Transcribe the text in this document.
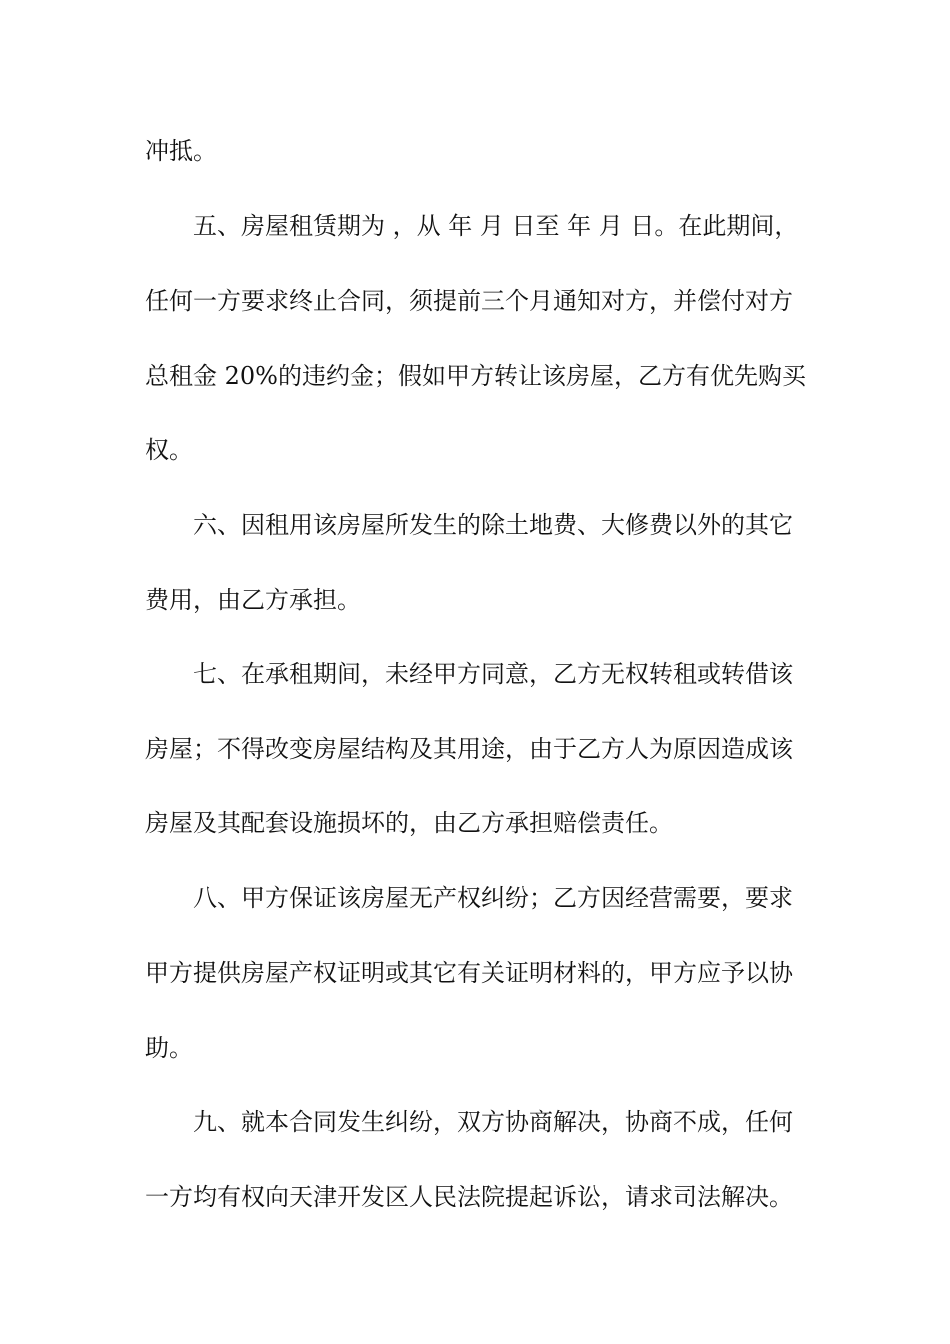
冲抵。
五、房屋租赁期为 ，从 年 月 日至 年 月 日。在此期间，
任何一方要求终止合同，须提前三个月通知对方，并偿付对方
总租金 20%的违约金；假如甲方转让该房屋，乙方有优先购买
权。
六、因租用该房屋所发生的除土地费、大修费以外的其它
费用，由乙方承担。
七、在承租期间，未经甲方同意，乙方无权转租或转借该
房屋；不得改变房屋结构及其用途，由于乙方人为原因造成该
房屋及其配套设施损坏的，由乙方承担赔偿责任。
八、甲方保证该房屋无产权纠纷；乙方因经营需要，要求
甲方提供房屋产权证明或其它有关证明材料的，甲方应予以协
助。
九、就本合同发生纠纷，双方协商解决，协商不成，任何
一方均有权向天津开发区人民法院提起诉讼，请求司法解决。
